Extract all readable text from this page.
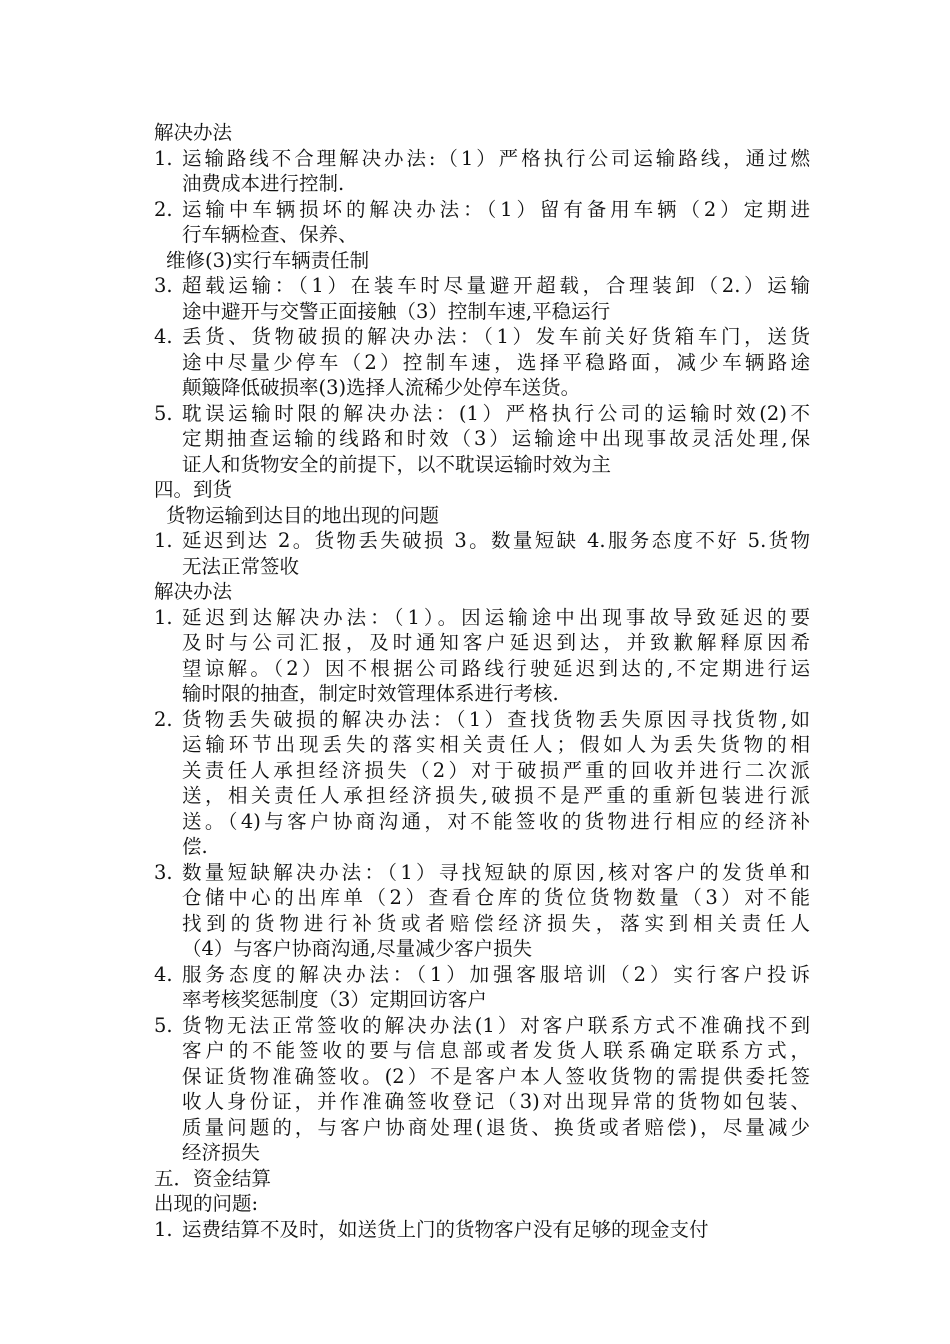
解决办法

1. 运输路线不合理解决办法:（1）严格执行公司运输路线，通过燃
油费成本进行控制.
2. 运输中车辆损坏的解决办法：（1）留有备用车辆（2）定期进
行车辆检查、保养、

维修(3)实行车辆责任制

3. 超载运输：（1）在装车时尽量避开超载，合理装卸（2.）运输
途中避开与交警正面接触（3）控制车速,平稳运行
4. 丢货、货物破损的解决办法：（1）发车前关好货箱车门，送货
途中尽量少停车（2）控制车速，选择平稳路面，减少车辆路途
颠簸降低破损率(3)选择人流稀少处停车送货。
5. 耽误运输时限的解决办法：(1）严格执行公司的运输时效(2)不
定期抽查运输的线路和时效（3）运输途中出现事故灵活处理,保
证人和货物安全的前提下，以不耽误运输时效为主

四。到货

货物运输到达目的地出现的问题

1. 延迟到达 2。货物丢失破损 3。数量短缺 4.服务态度不好 5.货物
无法正常签收

解决办法

1. 延迟到达解决办法：（1）。因运输途中出现事故导致延迟的要
及时与公司汇报，及时通知客户延迟到达，并致歉解释原因希
望谅解。（2）因不根据公司路线行驶延迟到达的,不定期进行运
输时限的抽查，制定时效管理体系进行考核.
2. 货物丢失破损的解决办法：（1）查找货物丢失原因寻找货物,如
运输环节出现丢失的落实相关责任人；假如人为丢失货物的相
关责任人承担经济损失（2）对于破损严重的回收并进行二次派
送，相关责任人承担经济损失,破损不是严重的重新包装进行派
送。（4)与客户协商沟通，对不能签收的货物进行相应的经济补
偿.
3. 数量短缺解决办法：（1）寻找短缺的原因,核对客户的发货单和
仓储中心的出库单（2）查看仓库的货位货物数量（3）对不能
找到的货物进行补货或者赔偿经济损失，落实到相关责任人
（4）与客户协商沟通,尽量减少客户损失
4. 服务态度的解决办法：（1）加强客服培训（2）实行客户投诉
率考核奖惩制度（3）定期回访客户
5. 货物无法正常签收的解决办法(1）对客户联系方式不准确找不到
客户的不能签收的要与信息部或者发货人联系确定联系方式，
保证货物准确签收。(2）不是客户本人签收货物的需提供委托签
收人身份证，并作准确签收登记（3)对出现异常的货物如包装、
质量问题的，与客户协商处理(退货、换货或者赔偿)，尽量减少
经济损失

五．资金结算

出现的问题:

1. 运费结算不及时，如送货上门的货物客户没有足够的现金支付
